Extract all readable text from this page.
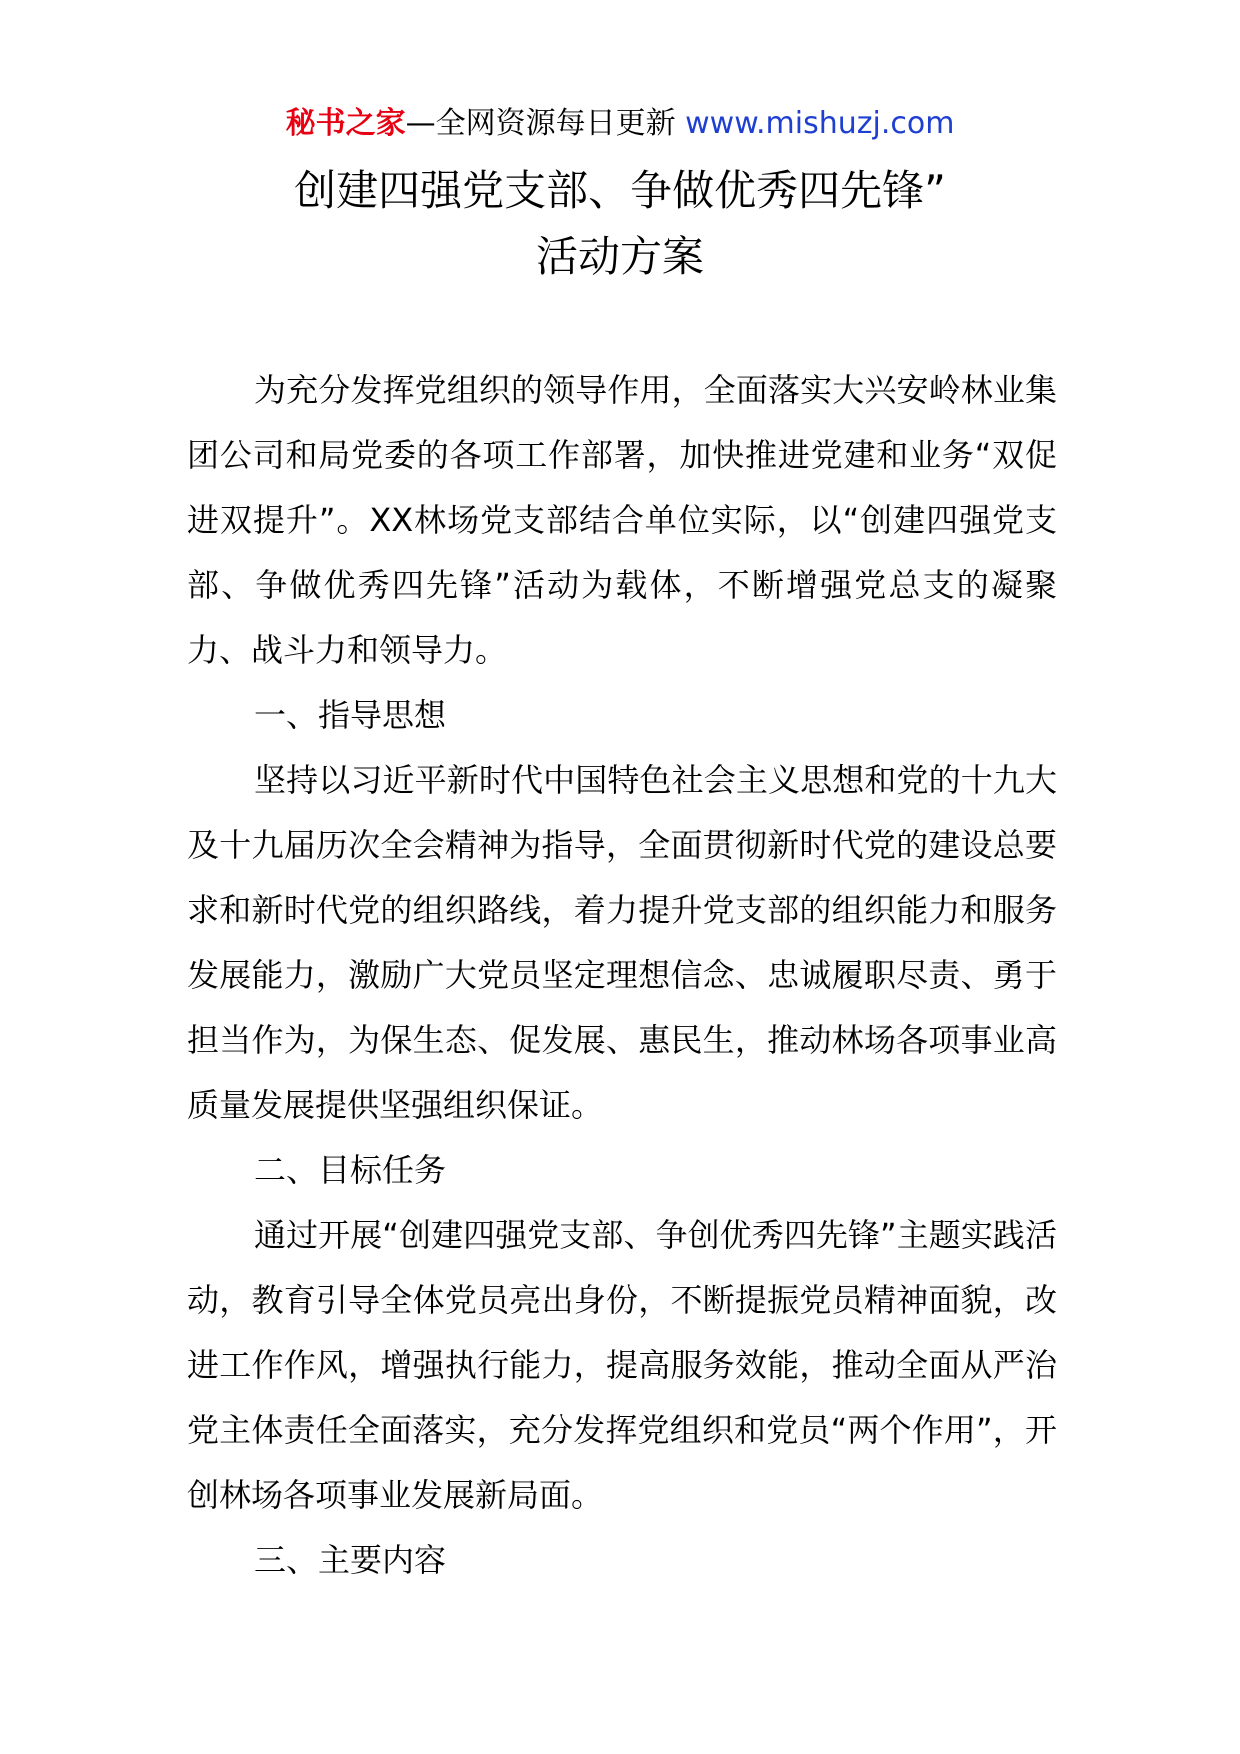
秘书之家—全网资源每日更新 www.mishuzj.com
创建四强党支部、争做优秀四先锋”
活动方案

为充分发挥党组织的领导作用，全面落实大兴安岭林业集团公司和局党委的各项工作部署，加快推进党建和业务“双促进双提升”。XX林场党支部结合单位实际，以“创建四强党支部、争做优秀四先锋”活动为载体，不断增强党总支的凝聚力、战斗力和领导力。

一、指导思想

坚持以习近平新时代中国特色社会主义思想和党的十九大及十九届历次全会精神为指导，全面贯彻新时代党的建设总要求和新时代党的组织路线，着力提升党支部的组织能力和服务发展能力，激励广大党员坚定理想信念、忠诚履职尽责、勇于担当作为，为保生态、促发展、惠民生，推动林场各项事业高质量发展提供坚强组织保证。

二、目标任务

通过开展“创建四强党支部、争创优秀四先锋”主题实践活动，教育引导全体党员亮出身份，不断提振党员精神面貌，改进工作作风，增强执行能力，提高服务效能，推动全面从严治党主体责任全面落实，充分发挥党组织和党员“两个作用”，开创林场各项事业发展新局面。

三、主要内容
